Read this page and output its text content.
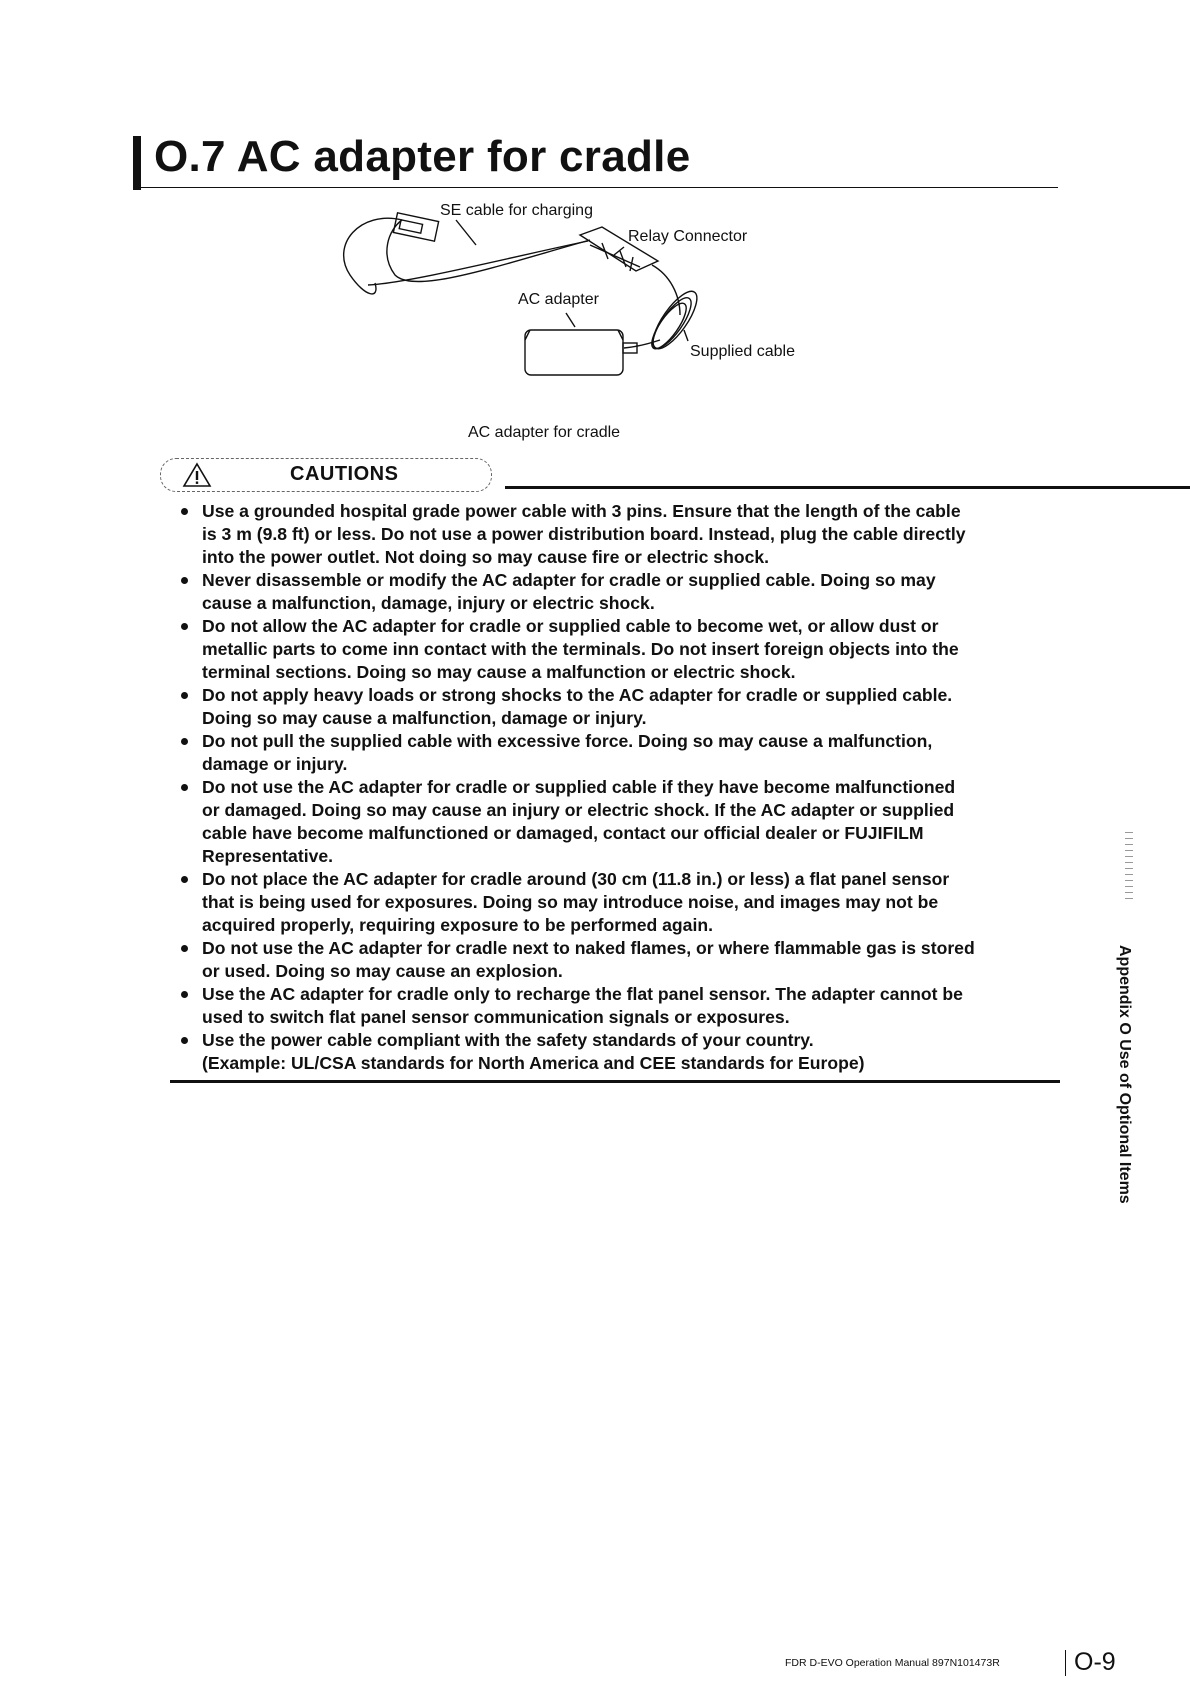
O.7 AC adapter for cradle
SE cable for charging
Relay Connector
AC adapter
Supplied cable
AC adapter for cradle
CAUTIONS
Use a grounded hospital grade power cable with 3 pins. Ensure that the length of the cable
is 3 m (9.8 ft) or less. Do not use a power distribution board. Instead, plug the cable directly
into the power outlet. Not doing so may cause fire or electric shock.
Never disassemble or modify the AC adapter for cradle or supplied cable. Doing so may
cause a malfunction, damage, injury or electric shock.
Do not allow the AC adapter for cradle or supplied cable to become wet, or allow dust or
metallic parts to come inn contact with the terminals. Do not insert foreign objects into the
terminal sections. Doing so may cause a malfunction or electric shock.
Do not apply heavy loads or strong shocks to the AC adapter for cradle or supplied cable.
Doing so may cause a malfunction, damage or injury.
Do not pull the supplied cable with excessive force. Doing so may cause a malfunction,
damage or injury.
Do not use the AC adapter for cradle or supplied cable if they have become malfunctioned
or damaged. Doing so may cause an injury or electric shock. If the AC adapter or supplied
cable have become malfunctioned or damaged, contact our official dealer or FUJIFILM
Representative.
Do not place the AC adapter for cradle around (30 cm (11.8 in.) or less) a flat panel sensor
that is being used for exposures. Doing so may introduce noise, and images may not be
acquired properly, requiring exposure to be performed again.
Do not use the AC adapter for cradle next to naked flames, or where flammable gas is stored
or used. Doing so may cause an explosion.
Use the AC adapter for cradle only to recharge the flat panel sensor. The adapter cannot be
used to switch flat panel sensor communication signals or exposures.
Use the power cable compliant with the safety standards of your country.
(Example: UL/CSA standards for North America and CEE standards for Europe)	Appendix O Use of Optional Items
FDR D-EVO Operation Manual 897N101473R	O-9
